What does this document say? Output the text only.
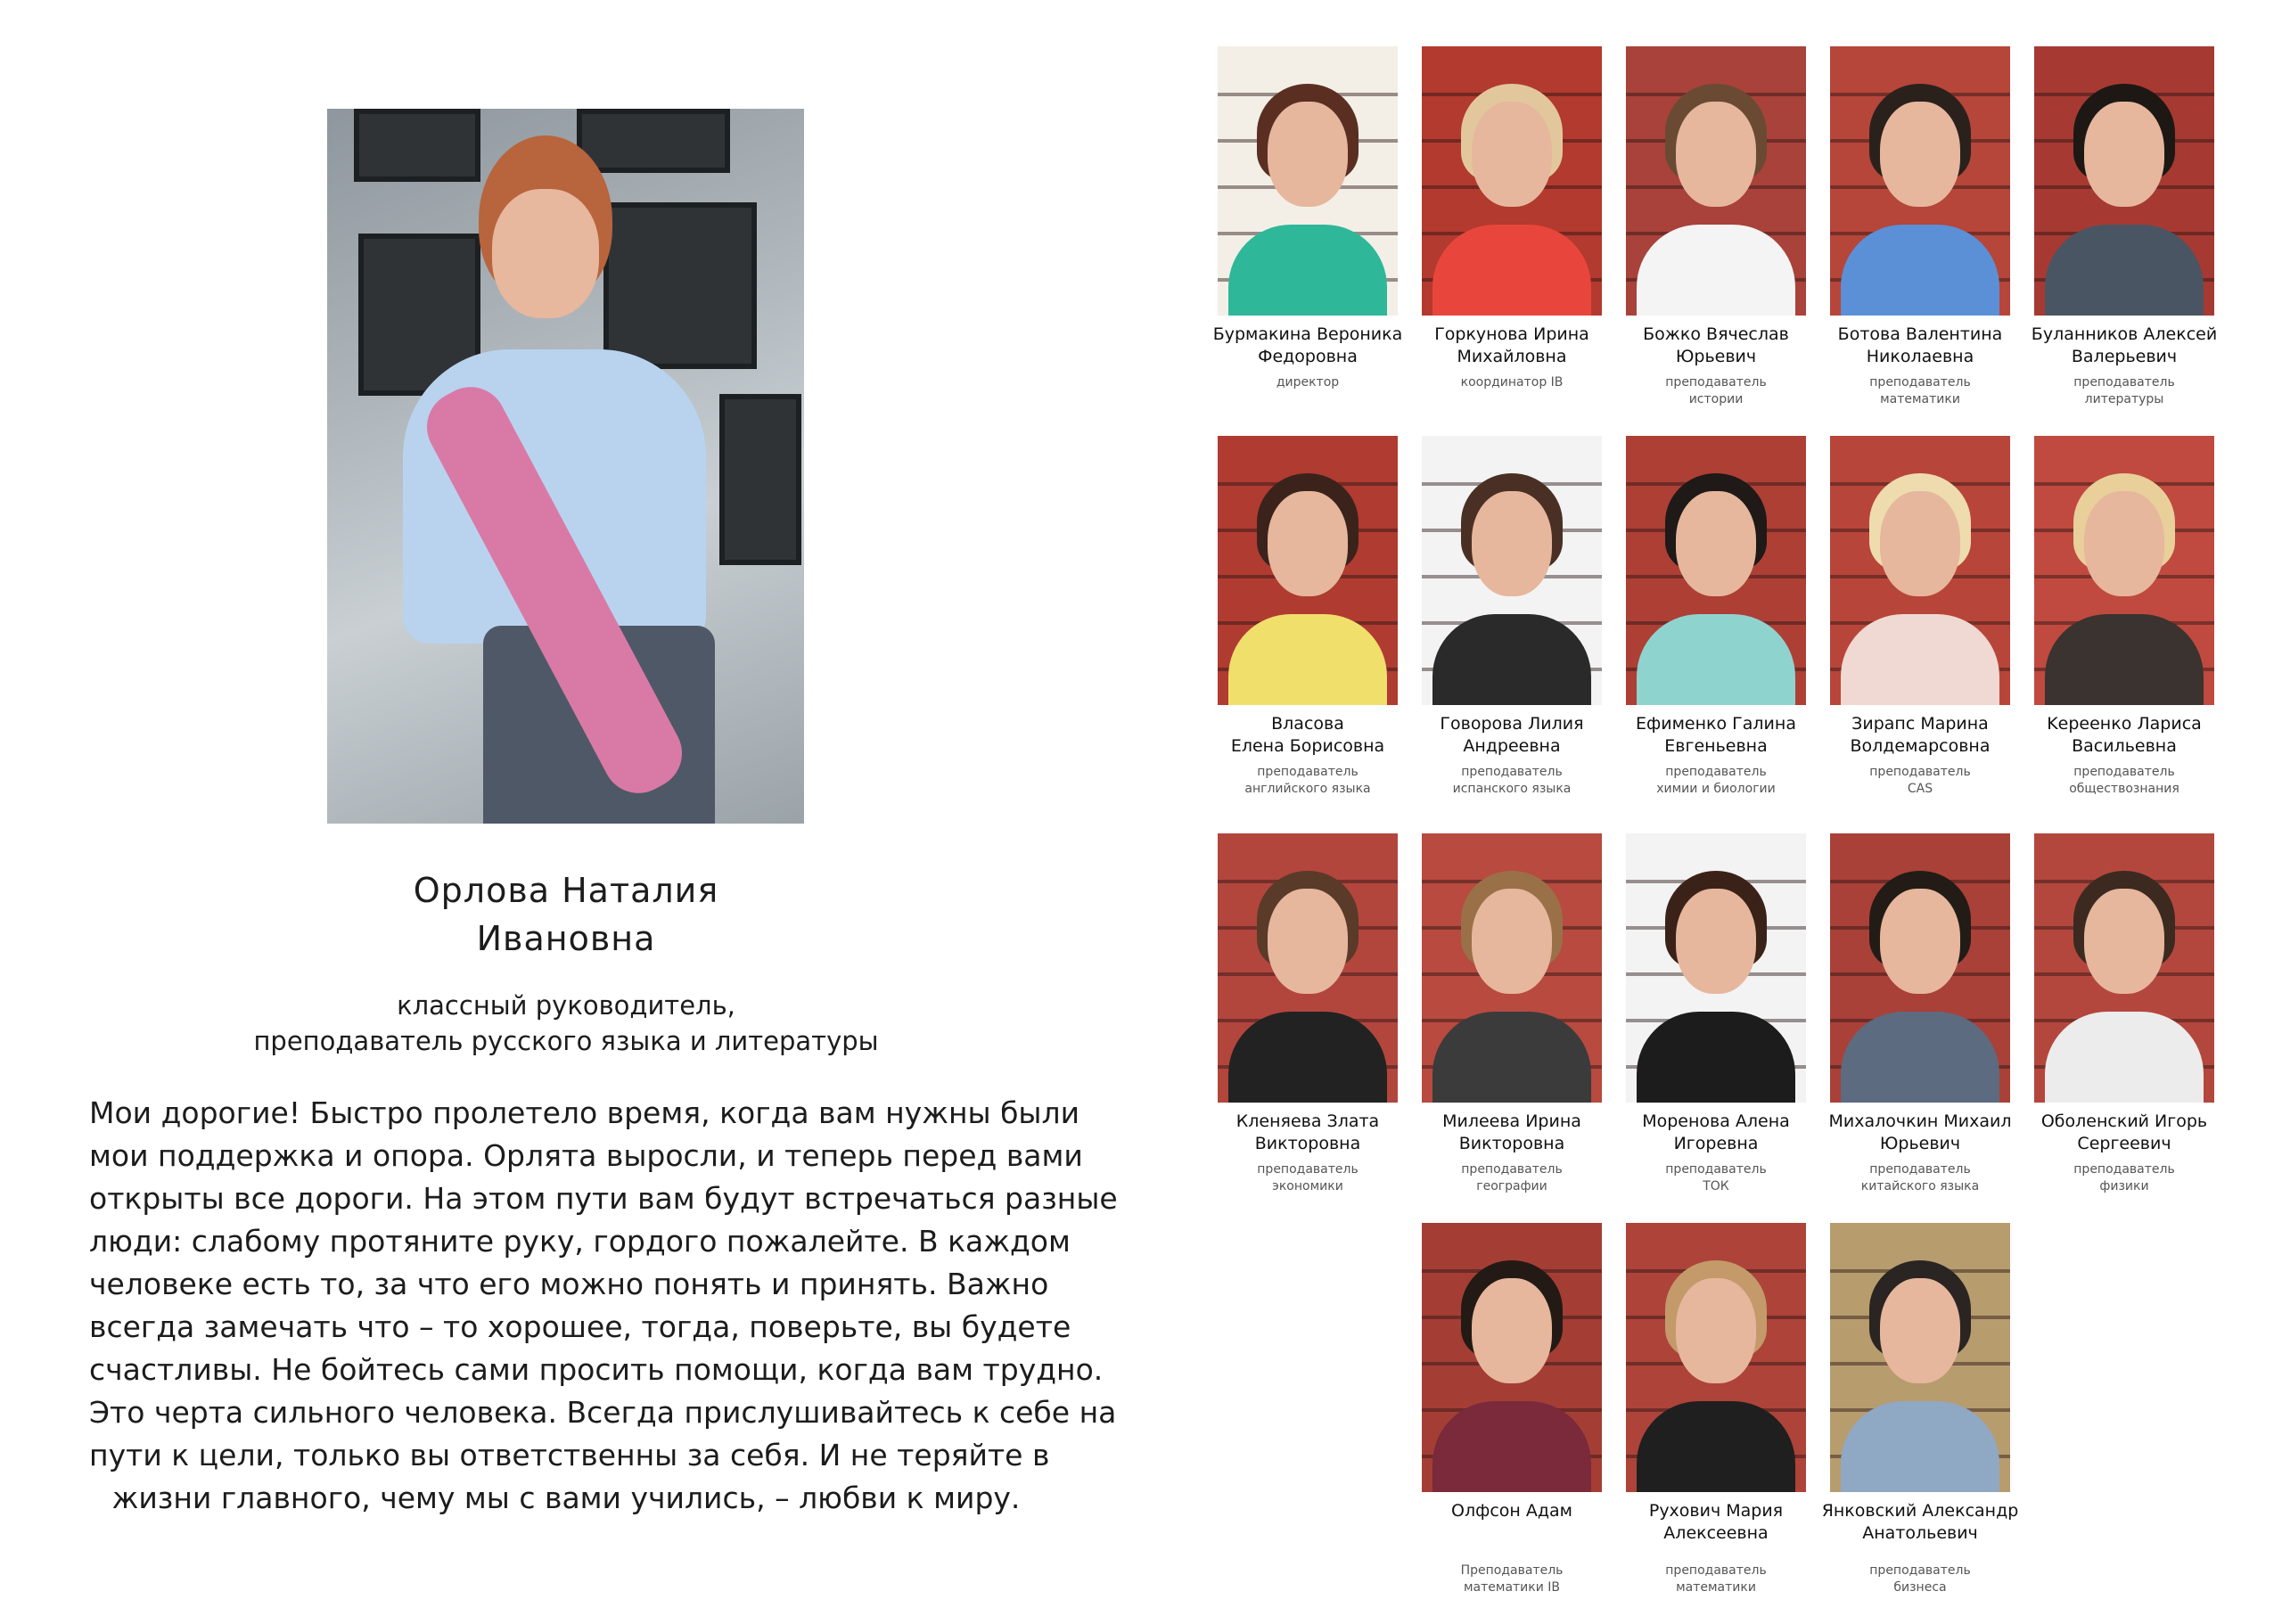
Орлова Наталия
Ивановна
классный руководитель,
преподаватель русского языка и литературы
Мои дорогие! Быстро пролетело время, когда вам нужны были
мои поддержка и опора. Орлята выросли, и теперь перед вами
открыты все дороги. На этом пути вам будут встречаться разные
люди: слабому протяните руку, гордого пожалейте. В каждом
человеке есть то, за что его можно понять и принять. Важно
всегда замечать что – то хорошее, тогда, поверьте, вы будете
счастливы. Не бойтесь сами просить помощи, когда вам трудно.
Это черта сильного человека. Всегда прислушивайтесь к себе на
пути к цели, только вы ответственны за себя. И не теряйте в
жизни главного, чему мы с вами учились, – любви к миру.
Бурмакина Вероника
Федоровна
директор
Горкунова Ирина
Михайловна
координатор IB
Божко Вячеслав
Юрьевич
преподаватель
истории
Ботова Валентина
Николаевна
преподаватель
математики
Буланников Алексей
Валерьевич
преподаватель
литературы
Власова
Елена Борисовна
преподаватель
английского языка
Говорова Лилия
Андреевна
преподаватель
испанского языка
Ефименко Галина
Евгеньевна
преподаватель
химии и биологии
Зирапс Марина
Волдемарсовна
преподаватель
CAS
Kереенко Лариса
Васильевна
преподаватель
обществознания
Кленяева Злата
Викторовна
преподаватель
экономики
Милеева Ирина
Викторовна
преподаватель
географии
Моренова Алена
Игоревна
преподаватель
ТОК
Михалочкин Михаил
Юрьевич
преподаватель
китайского языка
Оболенский Игорь
Сергеевич
преподаватель
физики
Олфсон Адам

Преподаватель
математики IB
Рухович Мария
Алексеевна
преподаватель
математики
Янковский Александр
Анатольевич
преподаватель
бизнеса
